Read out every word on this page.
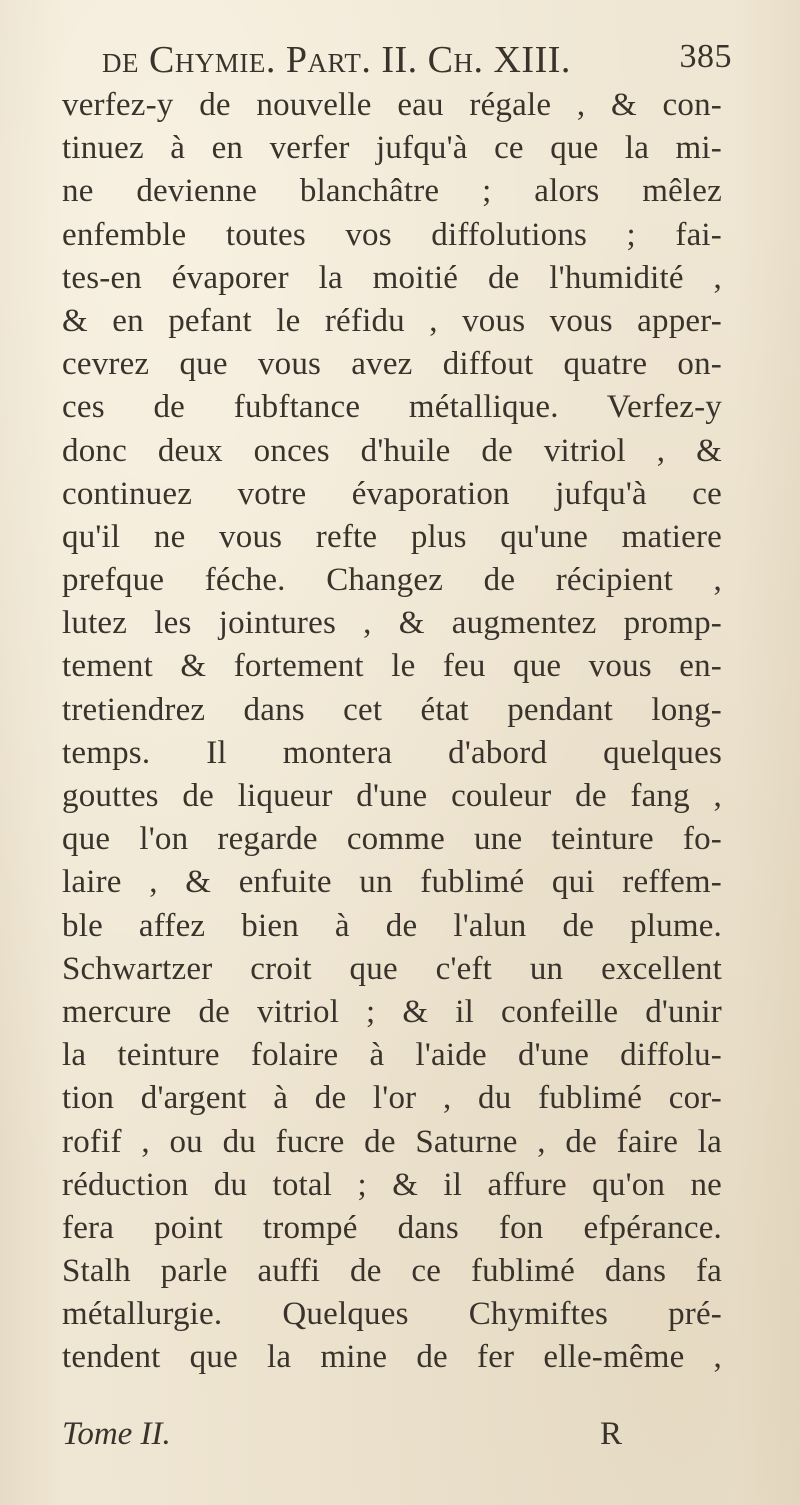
de Chymie. Part. II. Ch. XIII.	385
verfez-y de nouvelle eau régale , & con-
tinuez à en verfer jufqu'à ce que la mi-
ne devienne blanchâtre ; alors mêlez
enfemble toutes vos diffolutions ; fai-
tes-en évaporer la moitié de l'humidité ,
& en pefant le réfidu , vous vous apper-
cevrez que vous avez diffout quatre on-
ces de fubftance métallique. Verfez-y
donc deux onces d'huile de vitriol , &
continuez votre évaporation jufqu'à ce
qu'il ne vous refte plus qu'une matiere
prefque féche. Changez de récipient ,
lutez les jointures , & augmentez promp-
tement & fortement le feu que vous en-
tretiendrez dans cet état pendant long-
temps. Il montera d'abord quelques
gouttes de liqueur d'une couleur de fang ,
que l'on regarde comme une teinture fo-
laire , & enfuite un fublimé qui reffem-
ble affez bien à de l'alun de plume.
Schwartzer croit que c'eft un excellent
mercure de vitriol ; & il confeille d'unir
la teinture folaire à l'aide d'une diffolu-
tion d'argent à de l'or , du fublimé cor-
rofif , ou du fucre de Saturne , de faire la
réduction du total ; & il affure qu'on ne
fera point trompé dans fon efpérance.
Stalh parle auffi de ce fublimé dans fa
métallurgie. Quelques Chymiftes pré-
tendent que la mine de fer elle-même ,
Tome II.	R
